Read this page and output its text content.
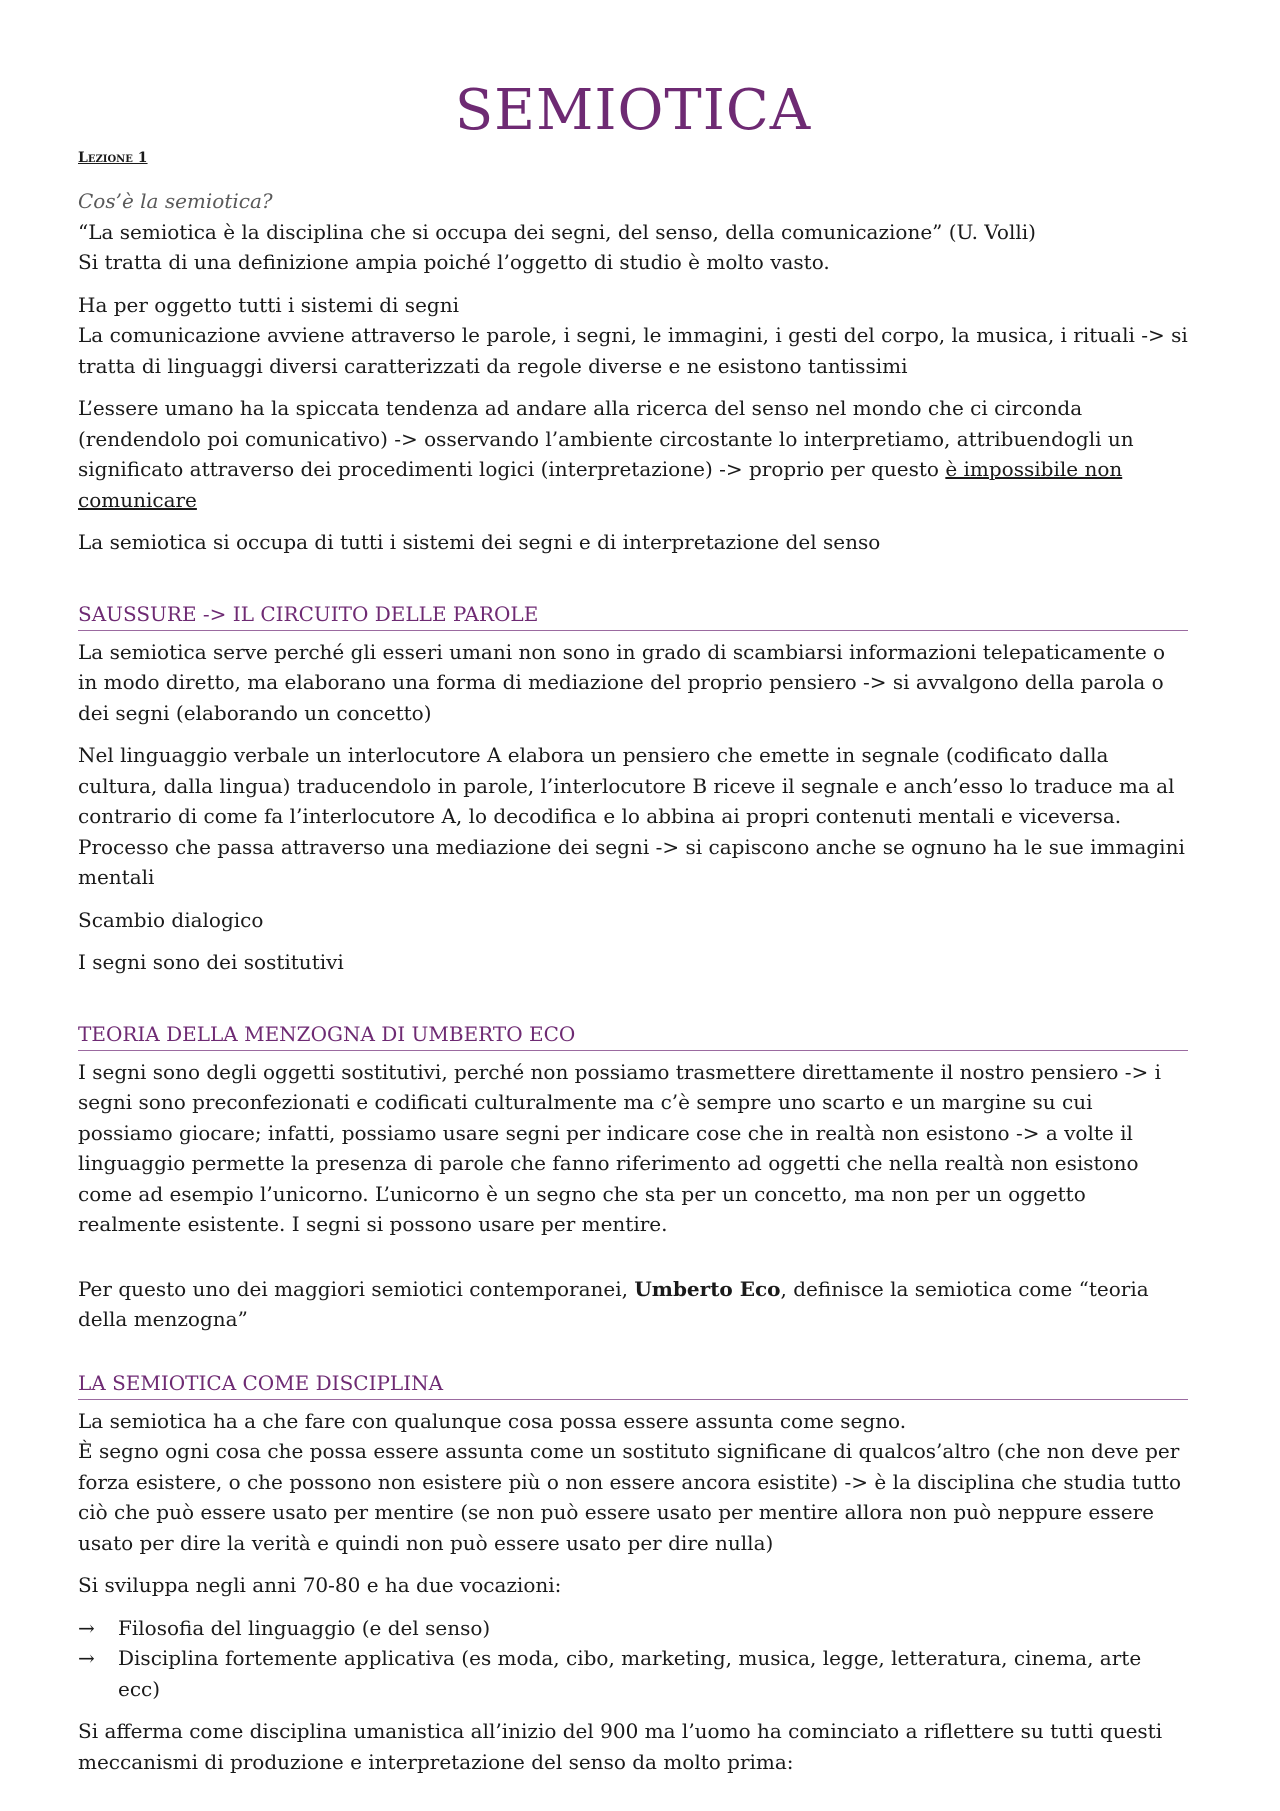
SEMIOTICA
Lezione 1
Cos’è la semiotica?

“La semiotica è la disciplina che si occupa dei segni, del senso, della comunicazione” (U. Volli)

Si tratta di una definizione ampia poiché l’oggetto di studio è molto vasto.

Ha per oggetto tutti i sistemi di segni

La comunicazione avviene attraverso le parole, i segni, le immagini, i gesti del corpo, la musica, i rituali -> si tratta di linguaggi diversi caratterizzati da regole diverse e ne esistono tantissimi

L’essere umano ha la spiccata tendenza ad andare alla ricerca del senso nel mondo che ci circonda (rendendolo poi comunicativo) -> osservando l’ambiente circostante lo interpretiamo, attribuendogli un significato attraverso dei procedimenti logici (interpretazione) -> proprio per questo è impossibile non comunicare

La semiotica si occupa di tutti i sistemi dei segni e di interpretazione del senso

SAUSSURE -> IL CIRCUITO DELLE PAROLE

La semiotica serve perché gli esseri umani non sono in grado di scambiarsi informazioni telepaticamente o in modo diretto, ma elaborano una forma di mediazione del proprio pensiero -> si avvalgono della parola o dei segni (elaborando un concetto)

Nel linguaggio verbale un interlocutore A elabora un pensiero che emette in segnale (codificato dalla cultura, dalla lingua) traducendolo in parole, l’interlocutore B riceve il segnale e anch’esso lo traduce ma al contrario di come fa l’interlocutore A, lo decodifica e lo abbina ai propri contenuti mentali e viceversa.

Processo che passa attraverso una mediazione dei segni -> si capiscono anche se ognuno ha le sue immagini mentali

Scambio dialogico

I segni sono dei sostitutivi

TEORIA DELLA MENZOGNA DI UMBERTO ECO

I segni sono degli oggetti sostitutivi, perché non possiamo trasmettere direttamente il nostro pensiero -> i segni sono preconfezionati e codificati culturalmente ma c’è sempre uno scarto e un margine su cui possiamo giocare; infatti, possiamo usare segni per indicare cose che in realtà non esistono -> a volte il linguaggio permette la presenza di parole che fanno riferimento ad oggetti che nella realtà non esistono come ad esempio l’unicorno. L’unicorno è un segno che sta per un concetto, ma non per un oggetto realmente esistente. I segni si possono usare per mentire.

Per questo uno dei maggiori semiotici contemporanei, Umberto Eco, definisce la semiotica come “teoria della menzogna”

LA SEMIOTICA COME DISCIPLINA

La semiotica ha a che fare con qualunque cosa possa essere assunta come segno.

È segno ogni cosa che possa essere assunta come un sostituto significane di qualcos’altro (che non deve per forza esistere, o che possono non esistere più o non essere ancora esistite) -> è la disciplina che studia tutto ciò che può essere usato per mentire (se non può essere usato per mentire allora non può neppure essere usato per dire la verità e quindi non può essere usato per dire nulla)

Si sviluppa negli anni 70-80 e ha due vocazioni:

→ Filosofia del linguaggio (e del senso)
→ Disciplina fortemente applicativa (es moda, cibo, marketing, musica, legge, letteratura, cinema, arte ecc)

Si afferma come disciplina umanistica all’inizio del 900 ma l’uomo ha cominciato a riflettere su tutti questi meccanismi di produzione e interpretazione del senso da molto prima:
